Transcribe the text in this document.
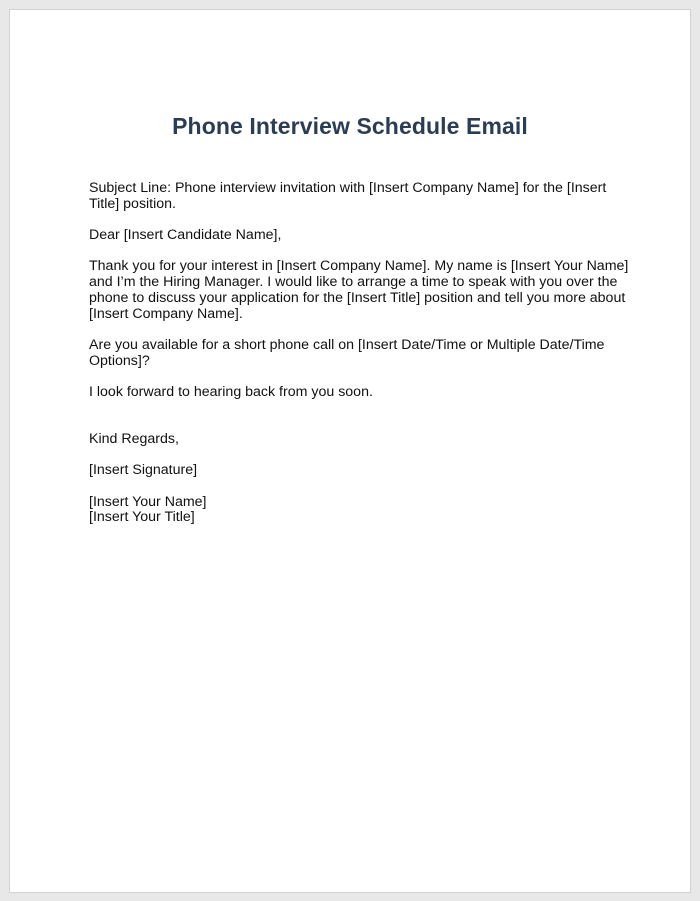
Phone Interview Schedule Email

Subject Line: Phone interview invitation with [Insert Company Name] for the [Insert Title] position.

Dear [Insert Candidate Name],

Thank you for your interest in [Insert Company Name]. My name is [Insert Your Name] and I’m the Hiring Manager. I would like to arrange a time to speak with you over the phone to discuss your application for the [Insert Title] position and tell you more about [Insert Company Name].

Are you available for a short phone call on [Insert Date/Time or Multiple Date/Time Options]?

I look forward to hearing back from you soon.

Kind Regards,

[Insert Signature]

[Insert Your Name]

[Insert Your Title]
